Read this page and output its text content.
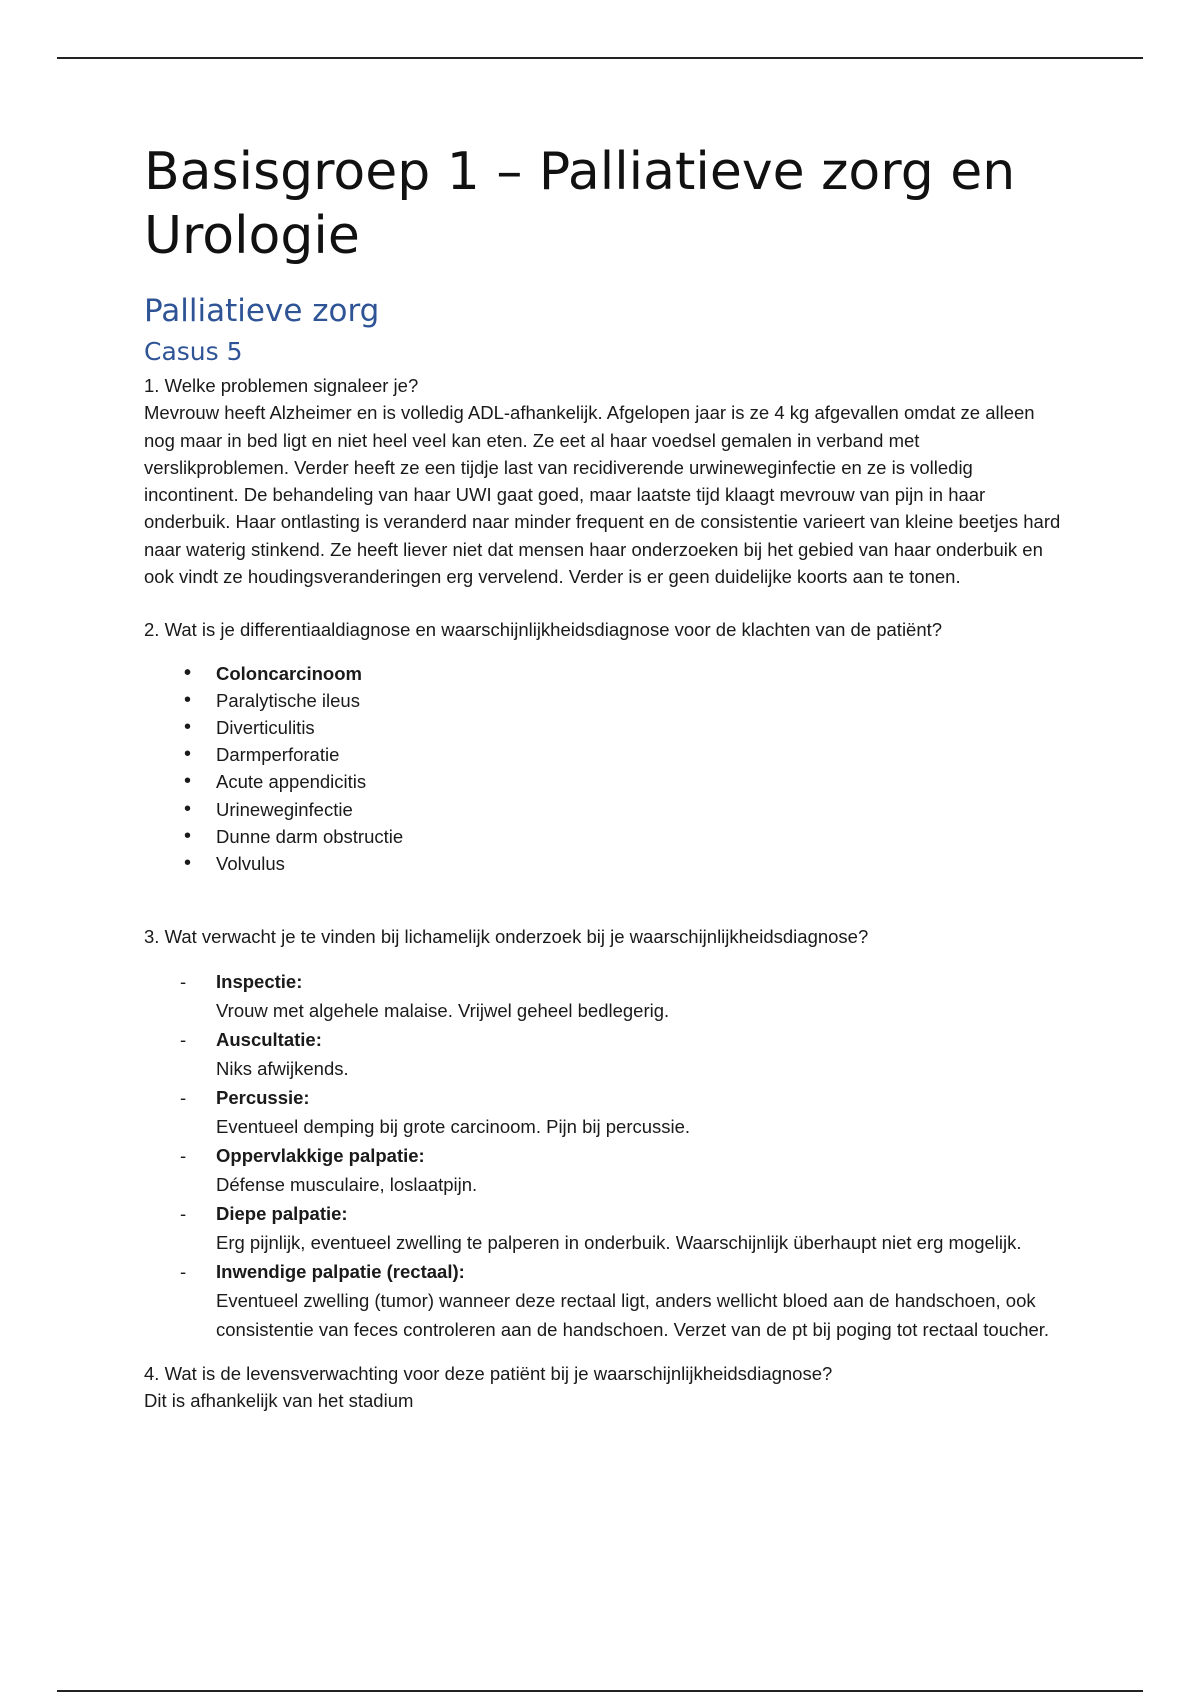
Basisgroep 1 – Palliatieve zorg en Urologie
Palliatieve zorg
Casus 5

1. Welke problemen signaleer je?

Mevrouw heeft Alzheimer en is volledig ADL-afhankelijk. Afgelopen jaar is ze 4 kg afgevallen omdat ze alleen nog maar in bed ligt en niet heel veel kan eten. Ze eet al haar voedsel gemalen in verband met verslikproblemen. Verder heeft ze een tijdje last van recidiverende urwineweginfectie en ze is volledig incontinent. De behandeling van haar UWI gaat goed, maar laatste tijd klaagt mevrouw van pijn in haar onderbuik. Haar ontlasting is veranderd naar minder frequent en de consistentie varieert van kleine beetjes hard naar waterig stinkend. Ze heeft liever niet dat mensen haar onderzoeken bij het gebied van haar onderbuik en ook vindt ze houdingsveranderingen erg vervelend. Verder is er geen duidelijke koorts aan te tonen.

2. Wat is je differentiaaldiagnose en waarschijnlijkheidsdiagnose voor de klachten van de patiënt?

•	Coloncarcinoom
•	Paralytische ileus
•	Diverticulitis
•	Darmperforatie
•	Acute appendicitis
•	Urineweginfectie
•	Dunne darm obstructie
•	Volvulus

3. Wat verwacht je te vinden bij lichamelijk onderzoek bij je waarschijnlijkheidsdiagnose?

- Inspectie:
Vrouw met algehele malaise. Vrijwel geheel bedlegerig.
- Auscultatie:
Niks afwijkends.
- Percussie:
Eventueel demping bij grote carcinoom. Pijn bij percussie.
- Oppervlakkige palpatie:
Défense musculaire, loslaatpijn.
- Diepe palpatie:
Erg pijnlijk, eventueel zwelling te palperen in onderbuik. Waarschijnlijk überhaupt niet erg mogelijk.
- Inwendige palpatie (rectaal):
Eventueel zwelling (tumor) wanneer deze rectaal ligt, anders wellicht bloed aan de handschoen, ook consistentie van feces controleren aan de handschoen. Verzet van de pt bij poging tot rectaal toucher.

4. Wat is de levensverwachting voor deze patiënt bij je waarschijnlijkheidsdiagnose?

Dit is afhankelijk van het stadium
